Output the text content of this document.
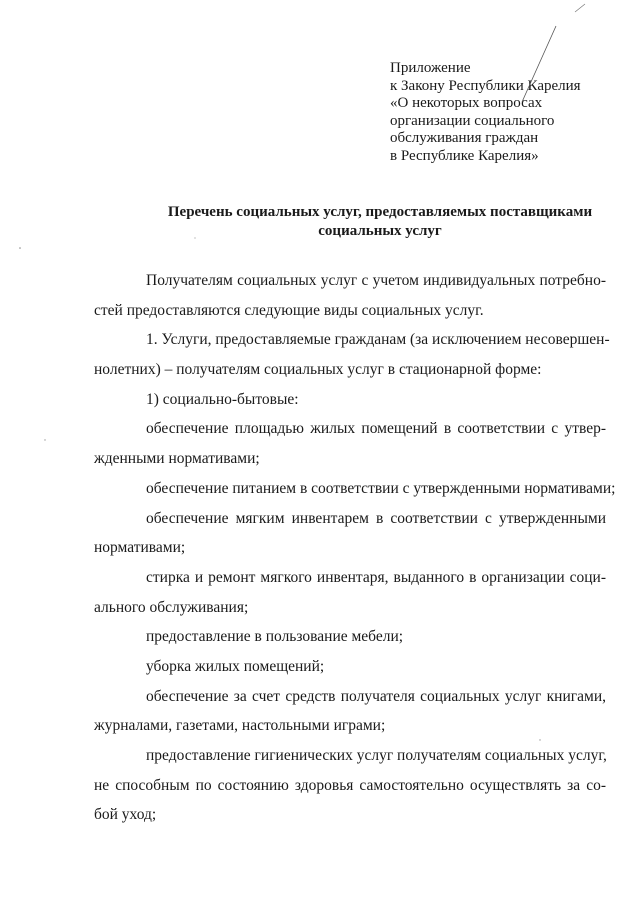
Приложение
к Закону Республики Карелия
«О некоторых вопросах
организации социального
обслуживания граждан
в Республике Карелия»
Перечень социальных услуг, предоставляемых поставщиками
социальных услуг
Получателям социальных услуг с учетом индивидуальных потребно-
стей предоставляются следующие виды социальных услуг.
1. Услуги, предоставляемые гражданам (за исключением несовершен-
нолетних) – получателям социальных услуг в стационарной форме:
1) социально-бытовые:
обеспечение площадью жилых помещений в соответствии с утвер-
жденными нормативами;
обеспечение питанием в соответствии с утвержденными нормативами;
обеспечение мягким инвентарем в соответствии с утвержденными
нормативами;
стирка и ремонт мягкого инвентаря, выданного в организации соци-
ального обслуживания;
предоставление в пользование мебели;
уборка жилых помещений;
обеспечение за счет средств получателя социальных услуг книгами,
журналами, газетами, настольными играми;
предоставление гигиенических услуг получателям социальных услуг,
не способным по состоянию здоровья самостоятельно осуществлять за со-
бой уход;
